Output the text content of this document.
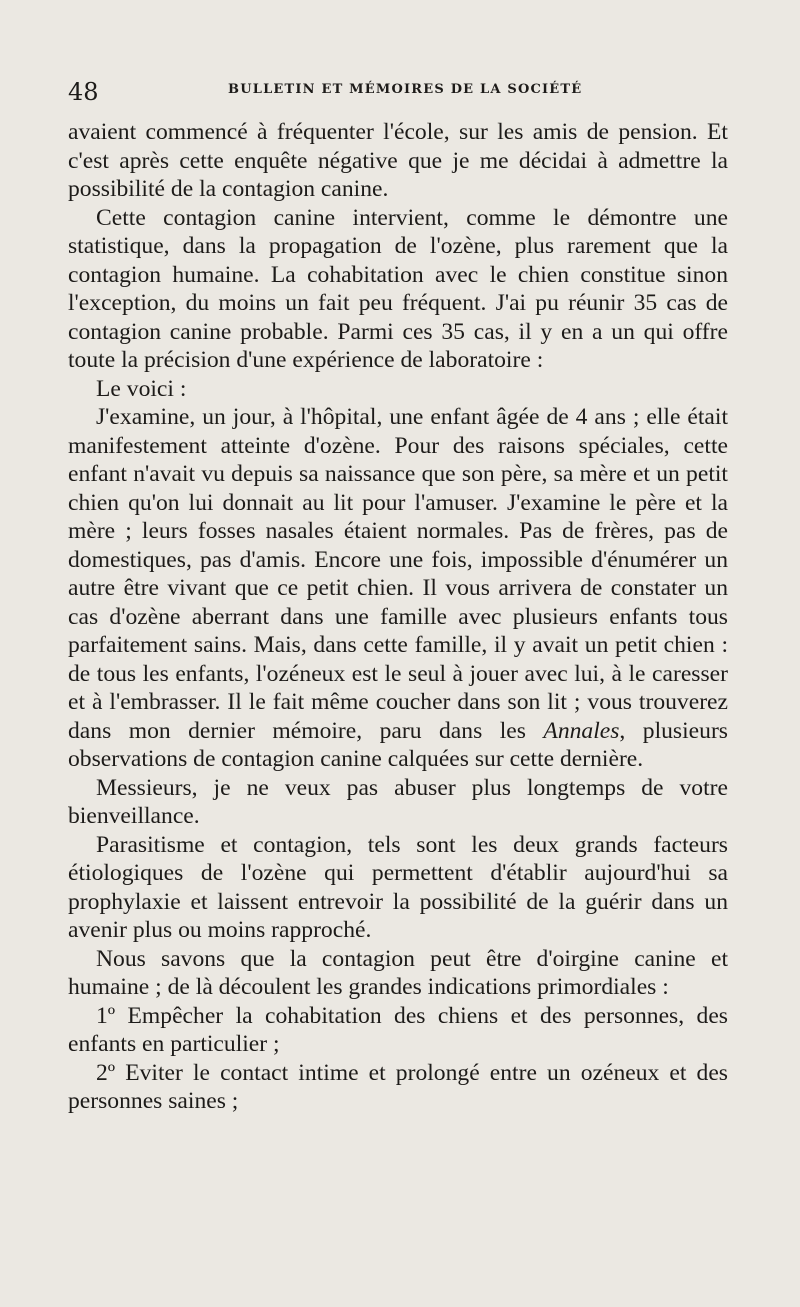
48	BULLETIN ET MÉMOIRES DE LA SOCIÉTÉ

avaient commencé à fréquenter l'école, sur les amis de pension. Et c'est après cette enquête négative que je me décidai à admettre la possibilité de la contagion canine.

Cette contagion canine intervient, comme le démontre une statistique, dans la propagation de l'ozène, plus rarement que la contagion humaine. La cohabitation avec le chien constitue sinon l'exception, du moins un fait peu fréquent. J'ai pu réunir 35 cas de contagion canine probable. Parmi ces 35 cas, il y en a un qui offre toute la précision d'une expérience de laboratoire :

Le voici :

J'examine, un jour, à l'hôpital, une enfant âgée de 4 ans ; elle était manifestement atteinte d'ozène. Pour des raisons spéciales, cette enfant n'avait vu depuis sa naissance que son père, sa mère et un petit chien qu'on lui donnait au lit pour l'amuser. J'examine le père et la mère ; leurs fosses nasales étaient normales. Pas de frères, pas de domestiques, pas d'amis. Encore une fois, impossible d'énumérer un autre être vivant que ce petit chien. Il vous arrivera de constater un cas d'ozène aberrant dans une famille avec plusieurs enfants tous parfaitement sains. Mais, dans cette famille, il y avait un petit chien : de tous les enfants, l'ozéneux est le seul à jouer avec lui, à le caresser et à l'embrasser. Il le fait même coucher dans son lit ; vous trouverez dans mon dernier mémoire, paru dans les Annales, plusieurs observations de contagion canine calquées sur cette dernière.

Messieurs, je ne veux pas abuser plus longtemps de votre bienveillance.

Parasitisme et contagion, tels sont les deux grands facteurs étiologiques de l'ozène qui permettent d'établir aujourd'hui sa prophylaxie et laissent entrevoir la possibilité de la guérir dans un avenir plus ou moins rapproché.

Nous savons que la contagion peut être d'oirgine canine et humaine ; de là découlent les grandes indications primordiales :

1º Empêcher la cohabitation des chiens et des personnes, des enfants en particulier ;

2º Eviter le contact intime et prolongé entre un ozéneux et des personnes saines ;
